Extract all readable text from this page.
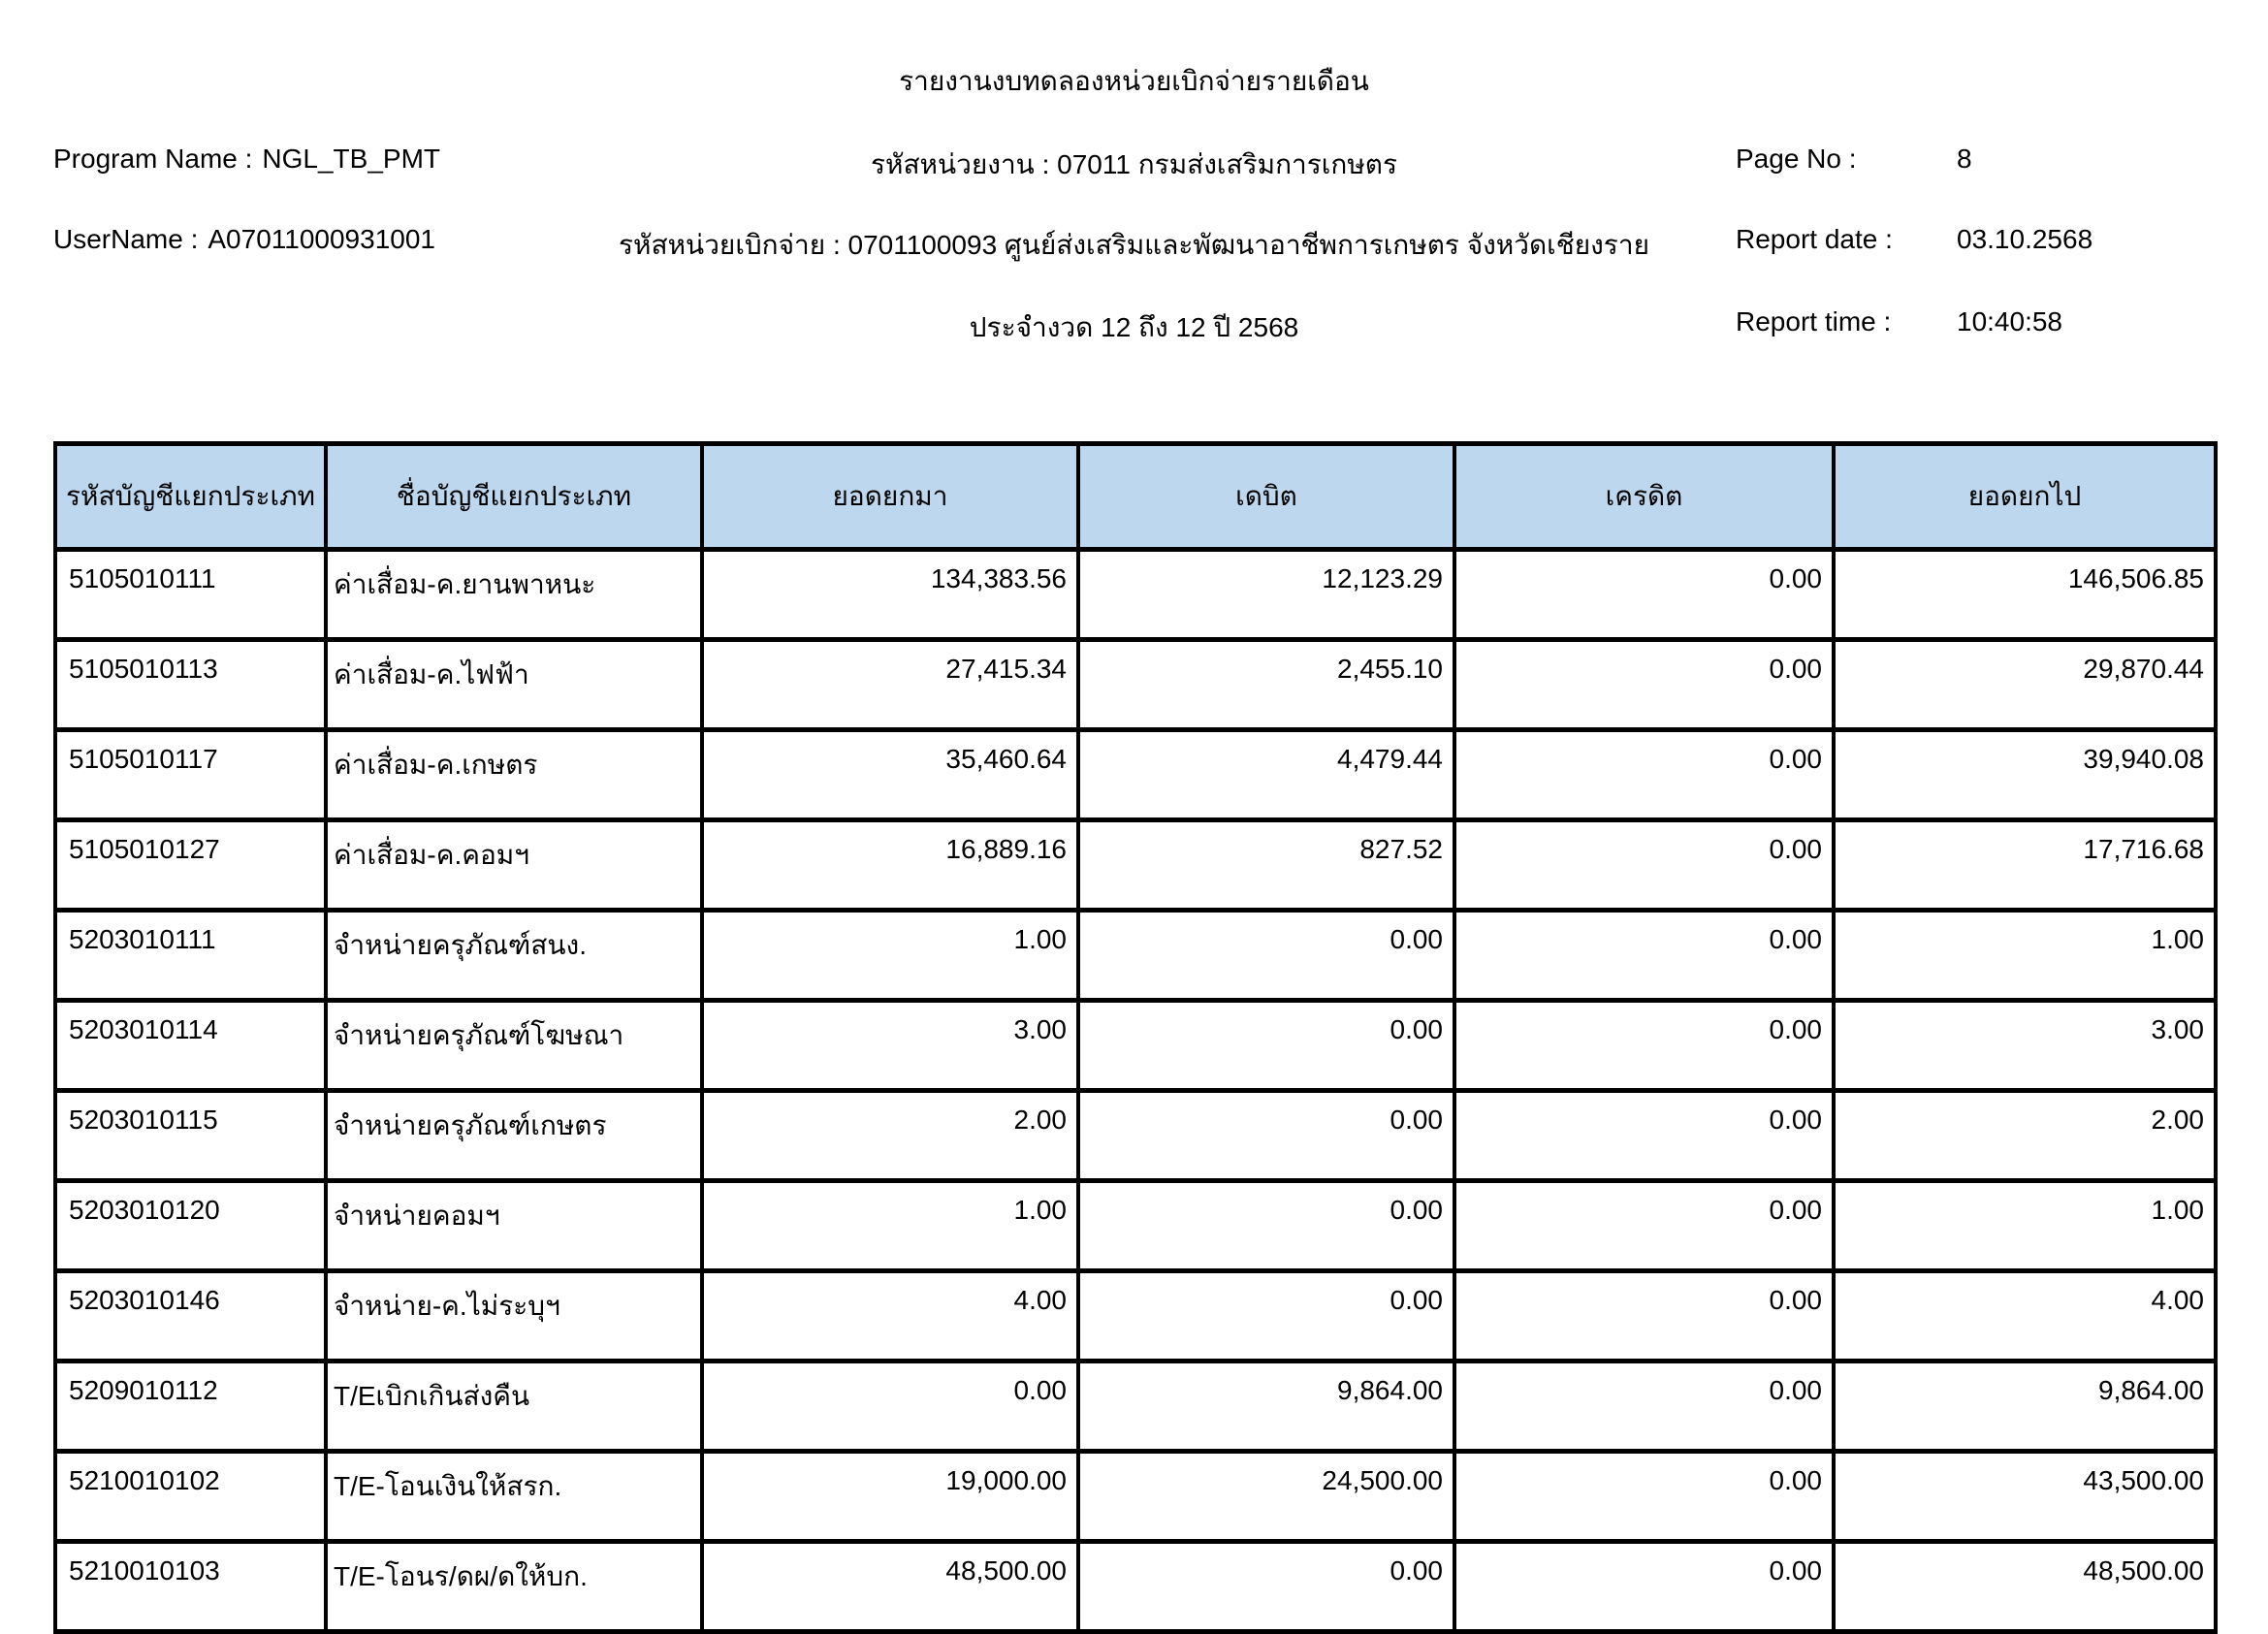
รายงานงบทดลองหน่วยเบิกจ่ายรายเดือน
Program Name : NGL_TB_PMT	รหัสหน่วยงาน : 07011 กรมส่งเสริมการเกษตร	Page No :	8
UserName : A07011000931001	รหัสหน่วยเบิกจ่าย : 0701100093 ศูนย์ส่งเสริมและพัฒนาอาชีพการเกษตร จังหวัดเชียงราย	Report date :	03.10.2568
ประจำงวด 12 ถึง 12 ปี 2568	Report time :	10:40:58
รหัสบัญชีแยกประเภท	ชื่อบัญชีแยกประเภท	ยอดยกมา	เดบิต	เครดิต	ยอดยกไป
5105010111	ค่าเสื่อม-ค.ยานพาหนะ	134,383.56	12,123.29	0.00	146,506.85
5105010113	ค่าเสื่อม-ค.ไฟฟ้า	27,415.34	2,455.10	0.00	29,870.44
5105010117	ค่าเสื่อม-ค.เกษตร	35,460.64	4,479.44	0.00	39,940.08
5105010127	ค่าเสื่อม-ค.คอมฯ	16,889.16	827.52	0.00	17,716.68
5203010111	จำหน่ายครุภัณฑ์สนง.	1.00	0.00	0.00	1.00
5203010114	จำหน่ายครุภัณฑ์โฆษณา	3.00	0.00	0.00	3.00
5203010115	จำหน่ายครุภัณฑ์เกษตร	2.00	0.00	0.00	2.00
5203010120	จำหน่ายคอมฯ	1.00	0.00	0.00	1.00
5203010146	จำหน่าย-ค.ไม่ระบุฯ	4.00	0.00	0.00	4.00
5209010112	T/Eเบิกเกินส่งคืน	0.00	9,864.00	0.00	9,864.00
5210010102	T/E-โอนเงินให้สรก.	19,000.00	24,500.00	0.00	43,500.00
5210010103	T/E-โอนร/ดผ/ดให้บก.	48,500.00	0.00	0.00	48,500.00
